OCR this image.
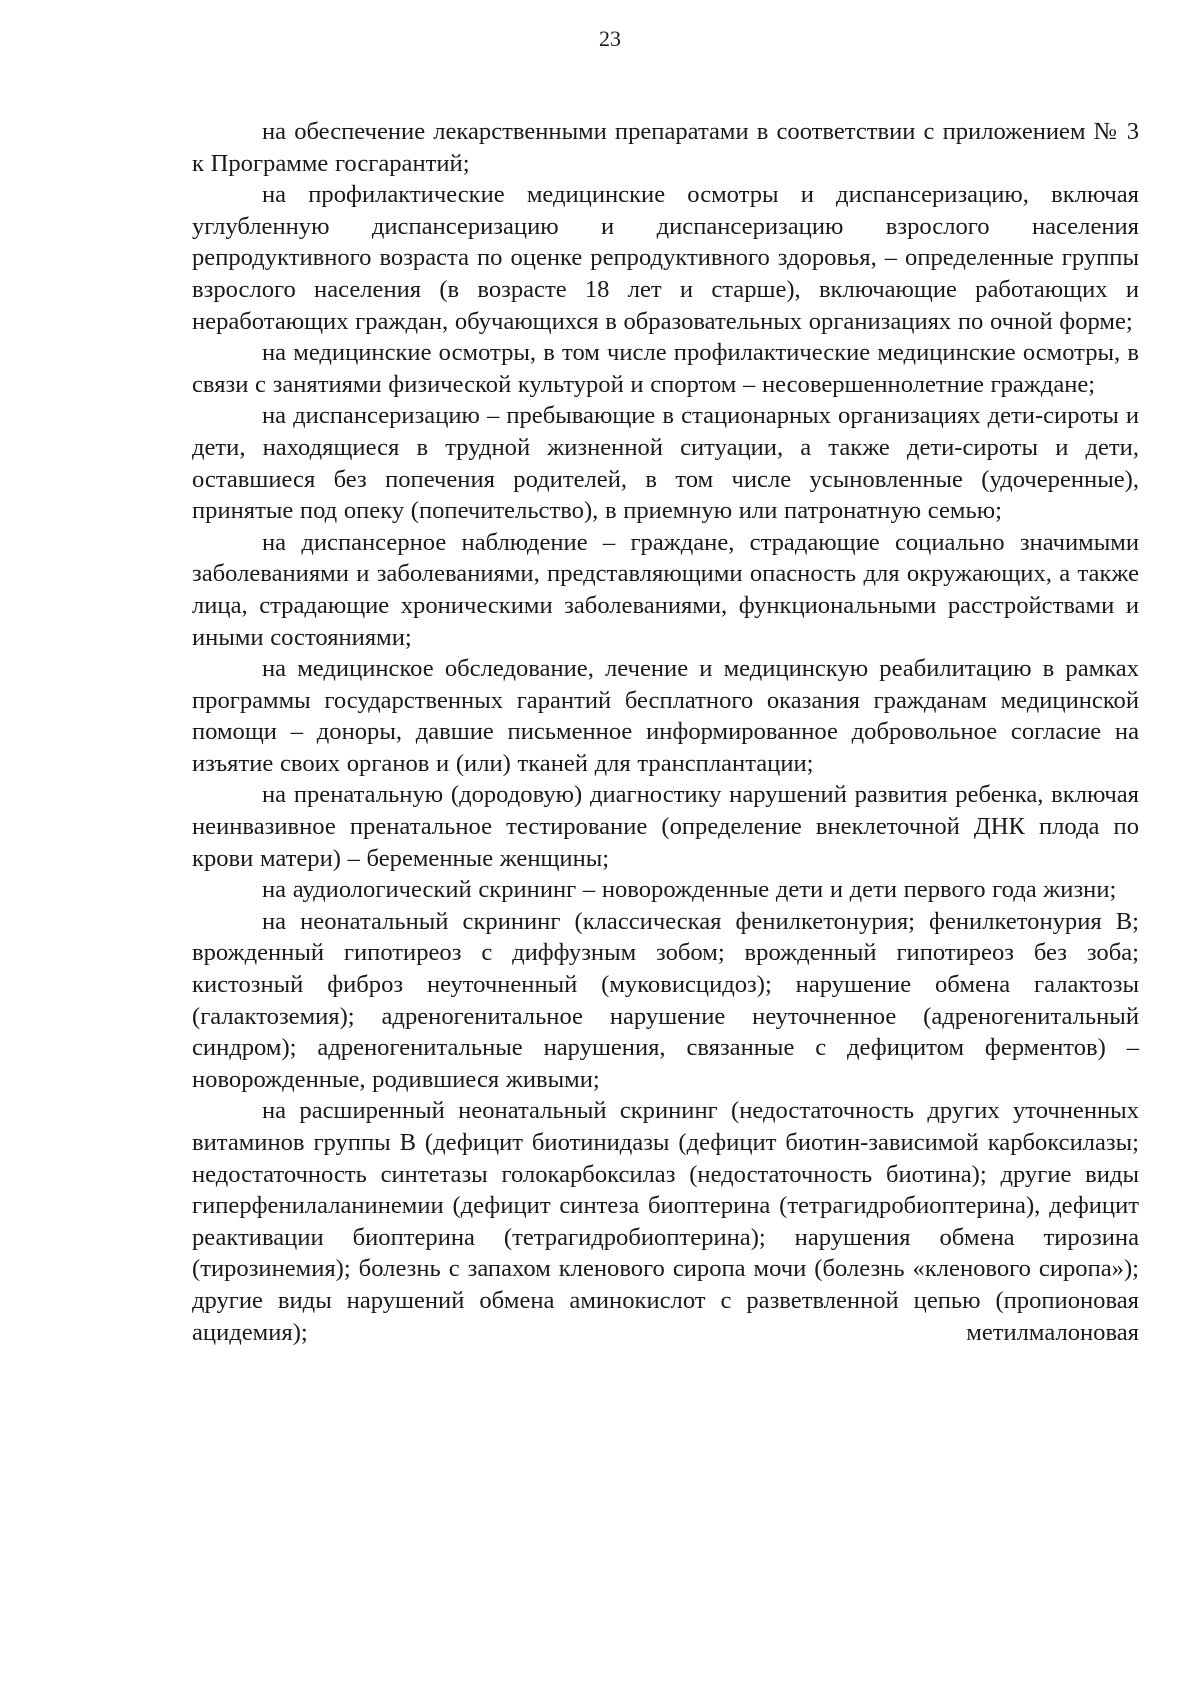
23

на обеспечение лекарственными препаратами в соответствии с приложением № 3 к Программе госгарантий;

на профилактические медицинские осмотры и диспансеризацию, включая углубленную диспансеризацию и диспансеризацию взрослого населения репродуктивного возраста по оценке репродуктивного здоровья, – определенные группы взрослого населения (в возрасте 18 лет и старше), включающие работающих и неработающих граждан, обучающихся в образовательных организациях по очной форме;

на медицинские осмотры, в том числе профилактические медицинские осмотры, в связи с занятиями физической культурой и спортом – несовершеннолетние граждане;

на диспансеризацию – пребывающие в стационарных организациях дети-сироты и дети, находящиеся в трудной жизненной ситуации, а также дети-сироты и дети, оставшиеся без попечения родителей, в том числе усыновленные (удочеренные), принятые под опеку (попечительство), в приемную или патронатную семью;

на диспансерное наблюдение – граждане, страдающие социально значимыми заболеваниями и заболеваниями, представляющими опасность для окружающих, а также лица, страдающие хроническими заболеваниями, функциональными расстройствами и иными состояниями;

на медицинское обследование, лечение и медицинскую реабилитацию в рамках программы государственных гарантий бесплатного оказания гражданам медицинской помощи – доноры, давшие письменное информированное добровольное согласие на изъятие своих органов и (или) тканей для трансплантации;

на пренатальную (дородовую) диагностику нарушений развития ребенка, включая неинвазивное пренатальное тестирование (определение внеклеточной ДНК плода по крови матери) – беременные женщины;

на аудиологический скрининг – новорожденные дети и дети первого года жизни;

на неонатальный скрининг (классическая фенилкетонурия; фенилкетонурия B; врожденный гипотиреоз с диффузным зобом; врожденный гипотиреоз без зоба; кистозный фиброз неуточненный (муковисцидоз); нарушение обмена галактозы (галактоземия); адреногенитальное нарушение неуточненное (адреногенитальный синдром); адреногенитальные нарушения, связанные с дефицитом ферментов) – новорожденные, родившиеся живыми;

на расширенный неонатальный скрининг (недостаточность других уточненных витаминов группы B (дефицит биотинидазы (дефицит биотин-зависимой карбоксилазы; недостаточность синтетазы голокарбоксилаз (недостаточность биотина); другие виды гиперфенилаланинемии (дефицит синтеза биоптерина (тетрагидробиоптерина), дефицит реактивации биоптерина (тетрагидробиоптерина); нарушения обмена тирозина (тирозинемия); болезнь с запахом кленового сиропа мочи (болезнь «кленового сиропа»); другие виды нарушений обмена аминокислот с разветвленной цепью (пропионовая ацидемия); метилмалоновая
